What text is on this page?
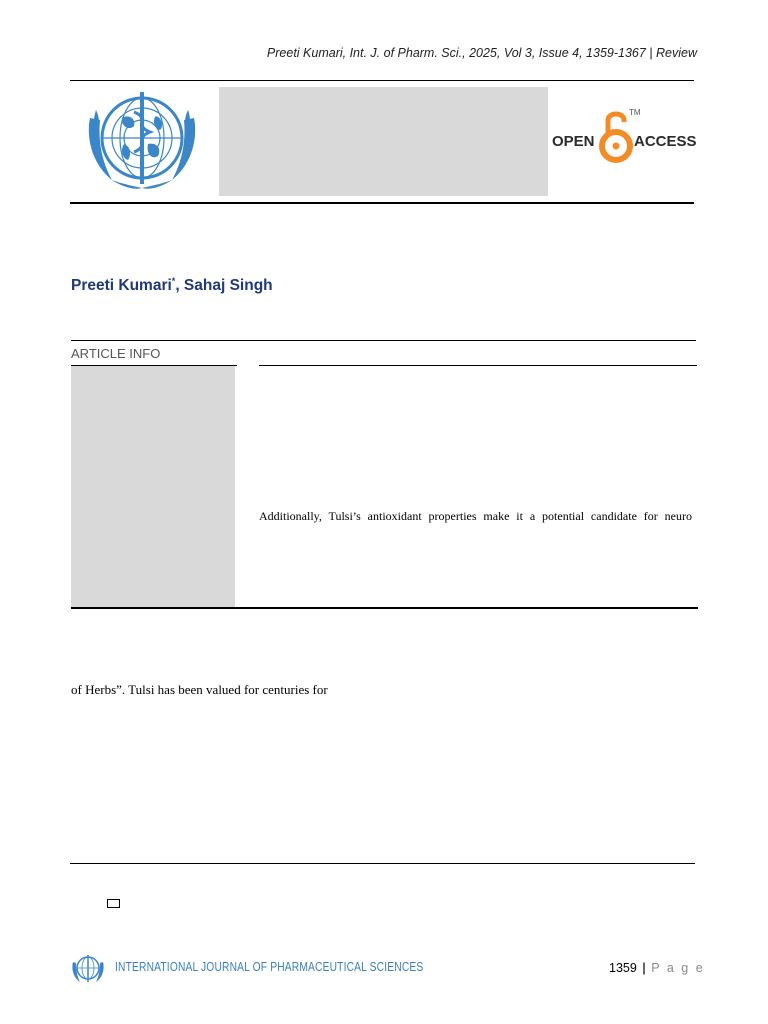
Preeti Kumari, Int. J. of Pharm. Sci., 2025, Vol 3, Issue 4, 1359-1367 | Review
OPEN
TM
ACCESS
Preeti Kumari*, Sahaj Singh
ARTICLE INFO
Additionally, Tulsi’s antioxidant properties make it a potential candidate for neuro
of Herbs”. Tulsi has been valued for centuries for
INTERNATIONAL JOURNAL OF PHARMACEUTICAL SCIENCES	1359 | P a g e
